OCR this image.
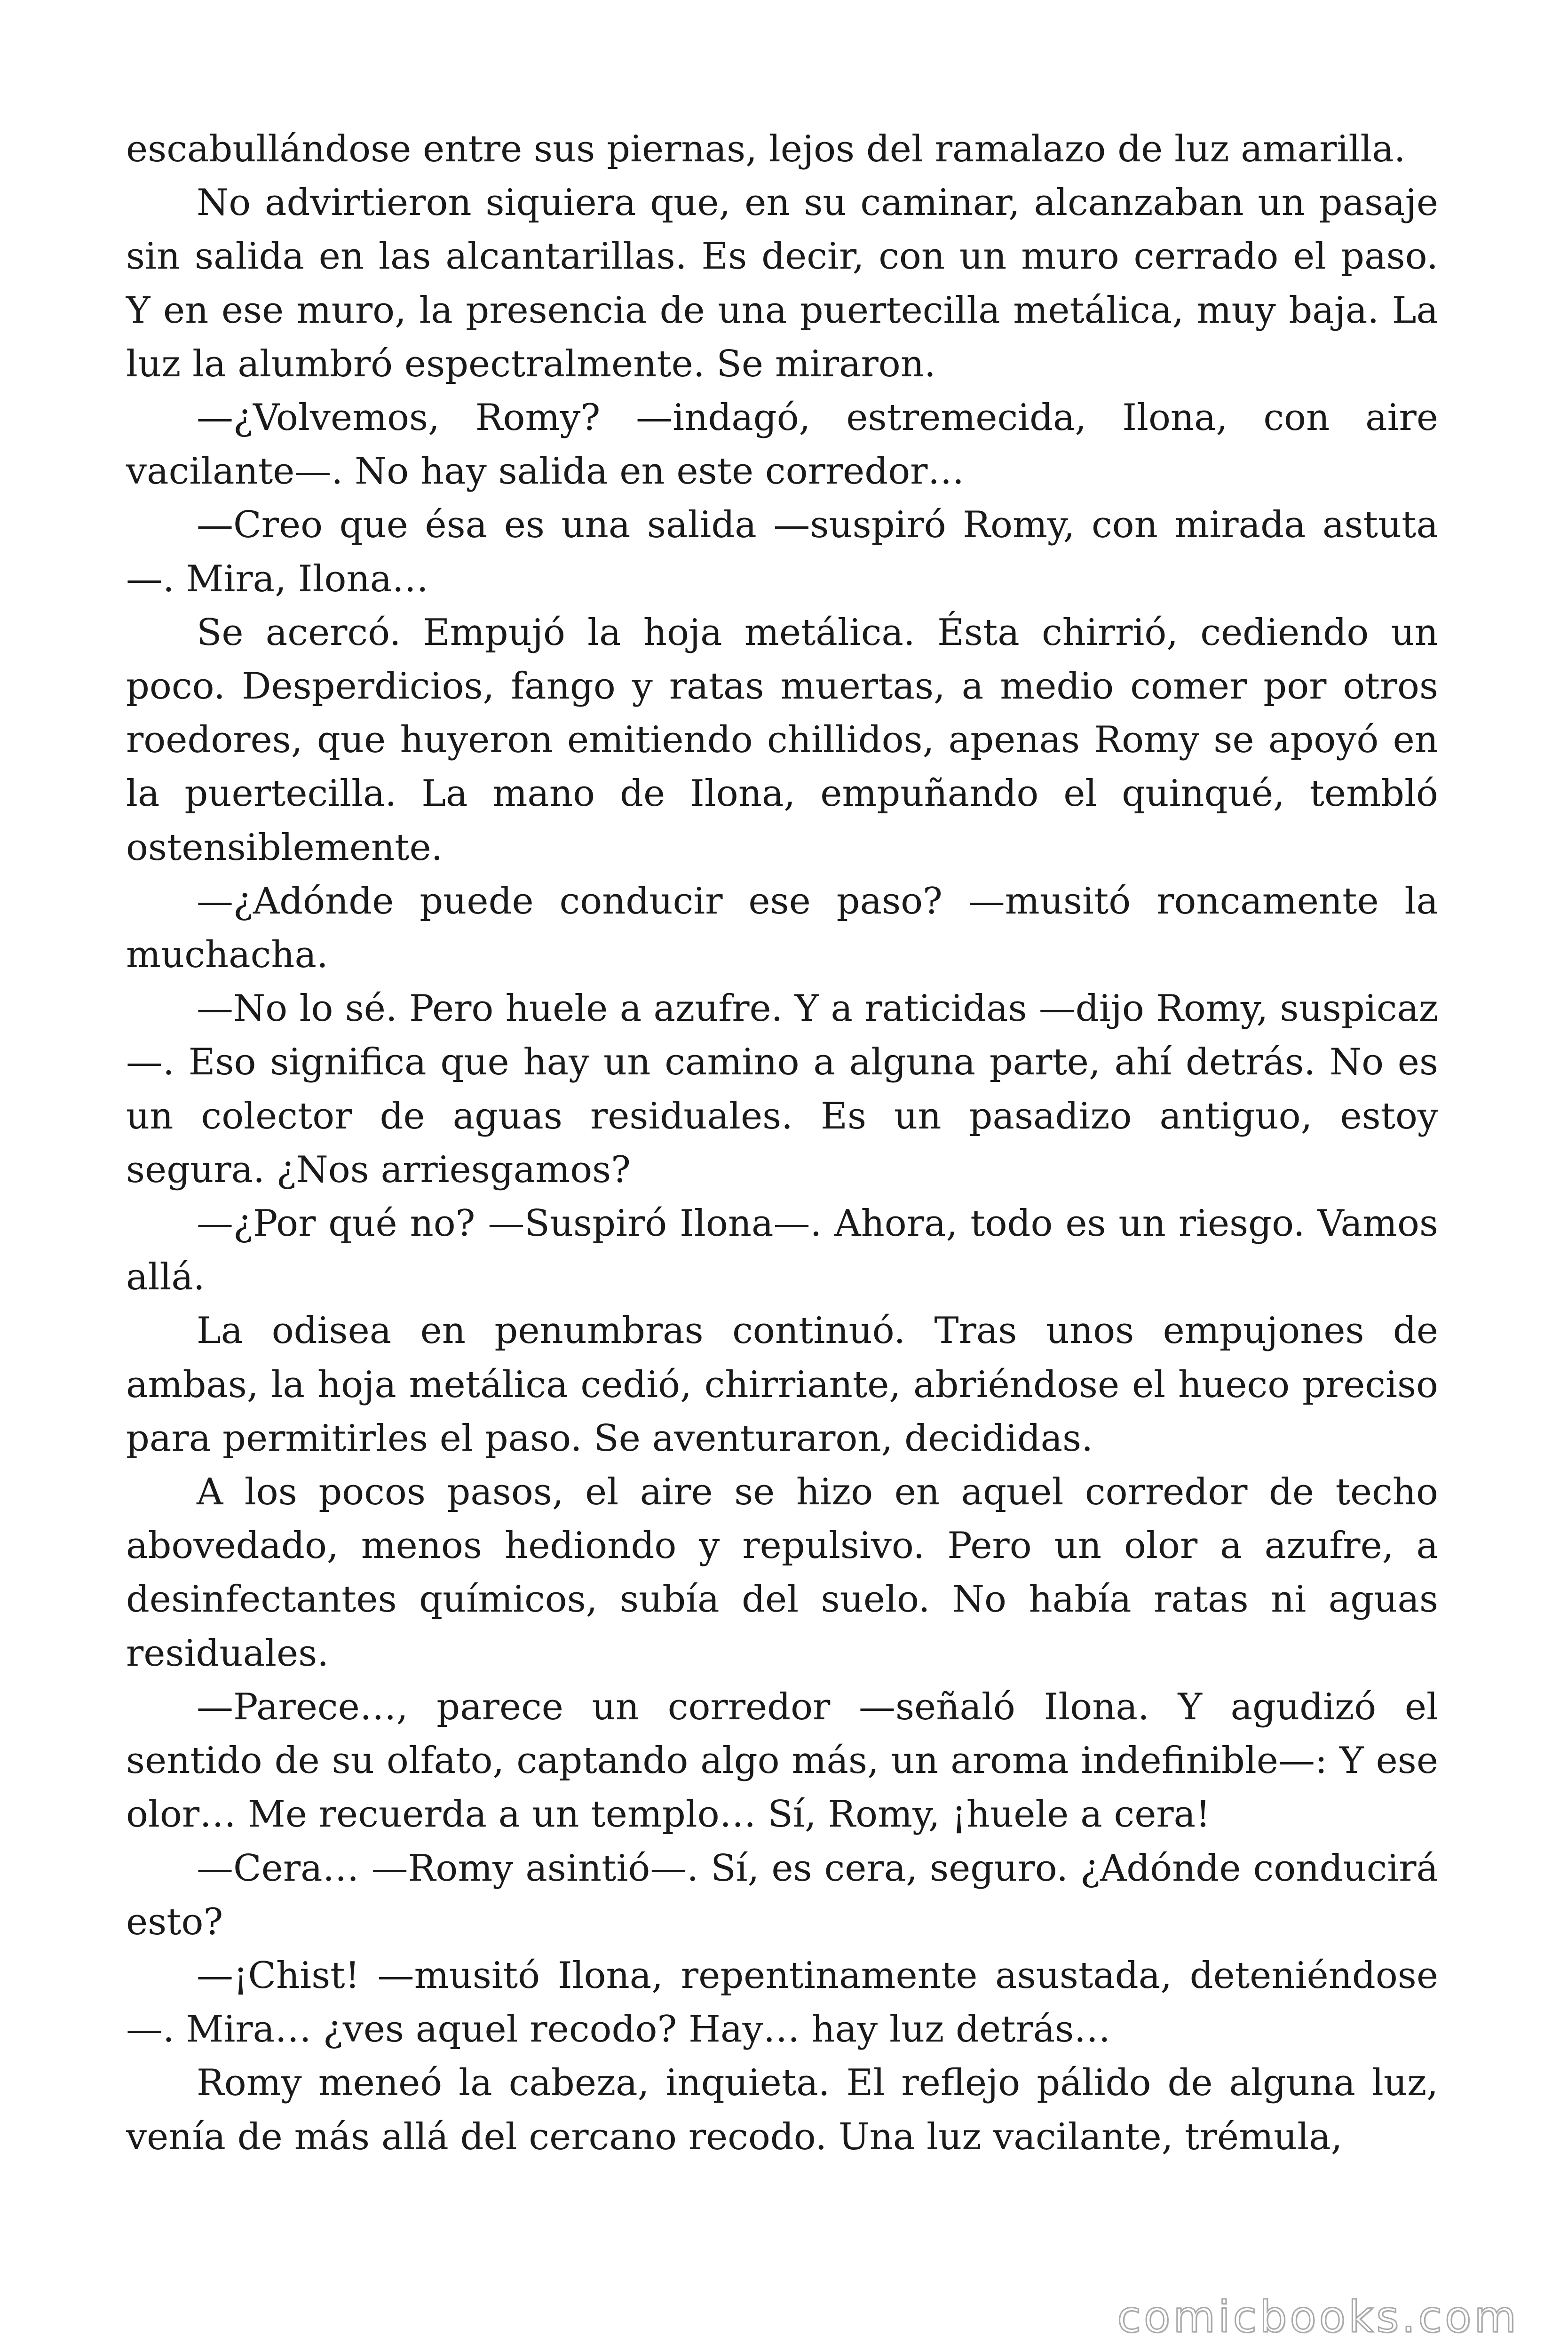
escabullándose entre sus piernas, lejos del ramalazo de luz amarilla.

No advirtieron siquiera que, en su caminar, alcanzaban un pasaje sin salida en las alcantarillas. Es decir, con un muro cerrado el paso. Y en ese muro, la presencia de una puertecilla metálica, muy baja. La luz la alumbró espectralmente. Se miraron.

—¿Volvemos, Romy? —indagó, estremecida, Ilona, con aire vacilante—. No hay salida en este corredor…

—Creo que ésa es una salida —suspiró Romy, con mirada astuta —. Mira, Ilona…

Se acercó. Empujó la hoja metálica. Ésta chirrió, cediendo un poco. Desperdicios, fango y ratas muertas, a medio comer por otros roedores, que huyeron emitiendo chillidos, apenas Romy se apoyó en la puertecilla. La mano de Ilona, empuñando el quinqué, tembló ostensiblemente.

—¿Adónde puede conducir ese paso? —musitó roncamente la muchacha.

—No lo sé. Pero huele a azufre. Y a raticidas —dijo Romy, suspicaz—. Eso significa que hay un camino a alguna parte, ahí detrás. No es un colector de aguas residuales. Es un pasadizo antiguo, estoy segura. ¿Nos arriesgamos?

—¿Por qué no? —Suspiró Ilona—. Ahora, todo es un riesgo. Vamos allá.

La odisea en penumbras continuó. Tras unos empujones de ambas, la hoja metálica cedió, chirriante, abriéndose el hueco preciso para permitirles el paso. Se aventuraron, decididas.

A los pocos pasos, el aire se hizo en aquel corredor de techo abovedado, menos hediondo y repulsivo. Pero un olor a azufre, a desinfectantes químicos, subía del suelo. No había ratas ni aguas residuales.

—Parece…, parece un corredor —señaló Ilona. Y agudizó el sentido de su olfato, captando algo más, un aroma indefinible—: Y ese olor… Me recuerda a un templo… Sí, Romy, ¡huele a cera!

—Cera… —Romy asintió—. Sí, es cera, seguro. ¿Adónde conducirá esto?

—¡Chist! —musitó Ilona, repentinamente asustada, deteniéndose —. Mira… ¿ves aquel recodo? Hay… hay luz detrás…

Romy meneó la cabeza, inquieta. El reflejo pálido de alguna luz, venía de más allá del cercano recodo. Una luz vacilante, trémula,

comicbooks.com
